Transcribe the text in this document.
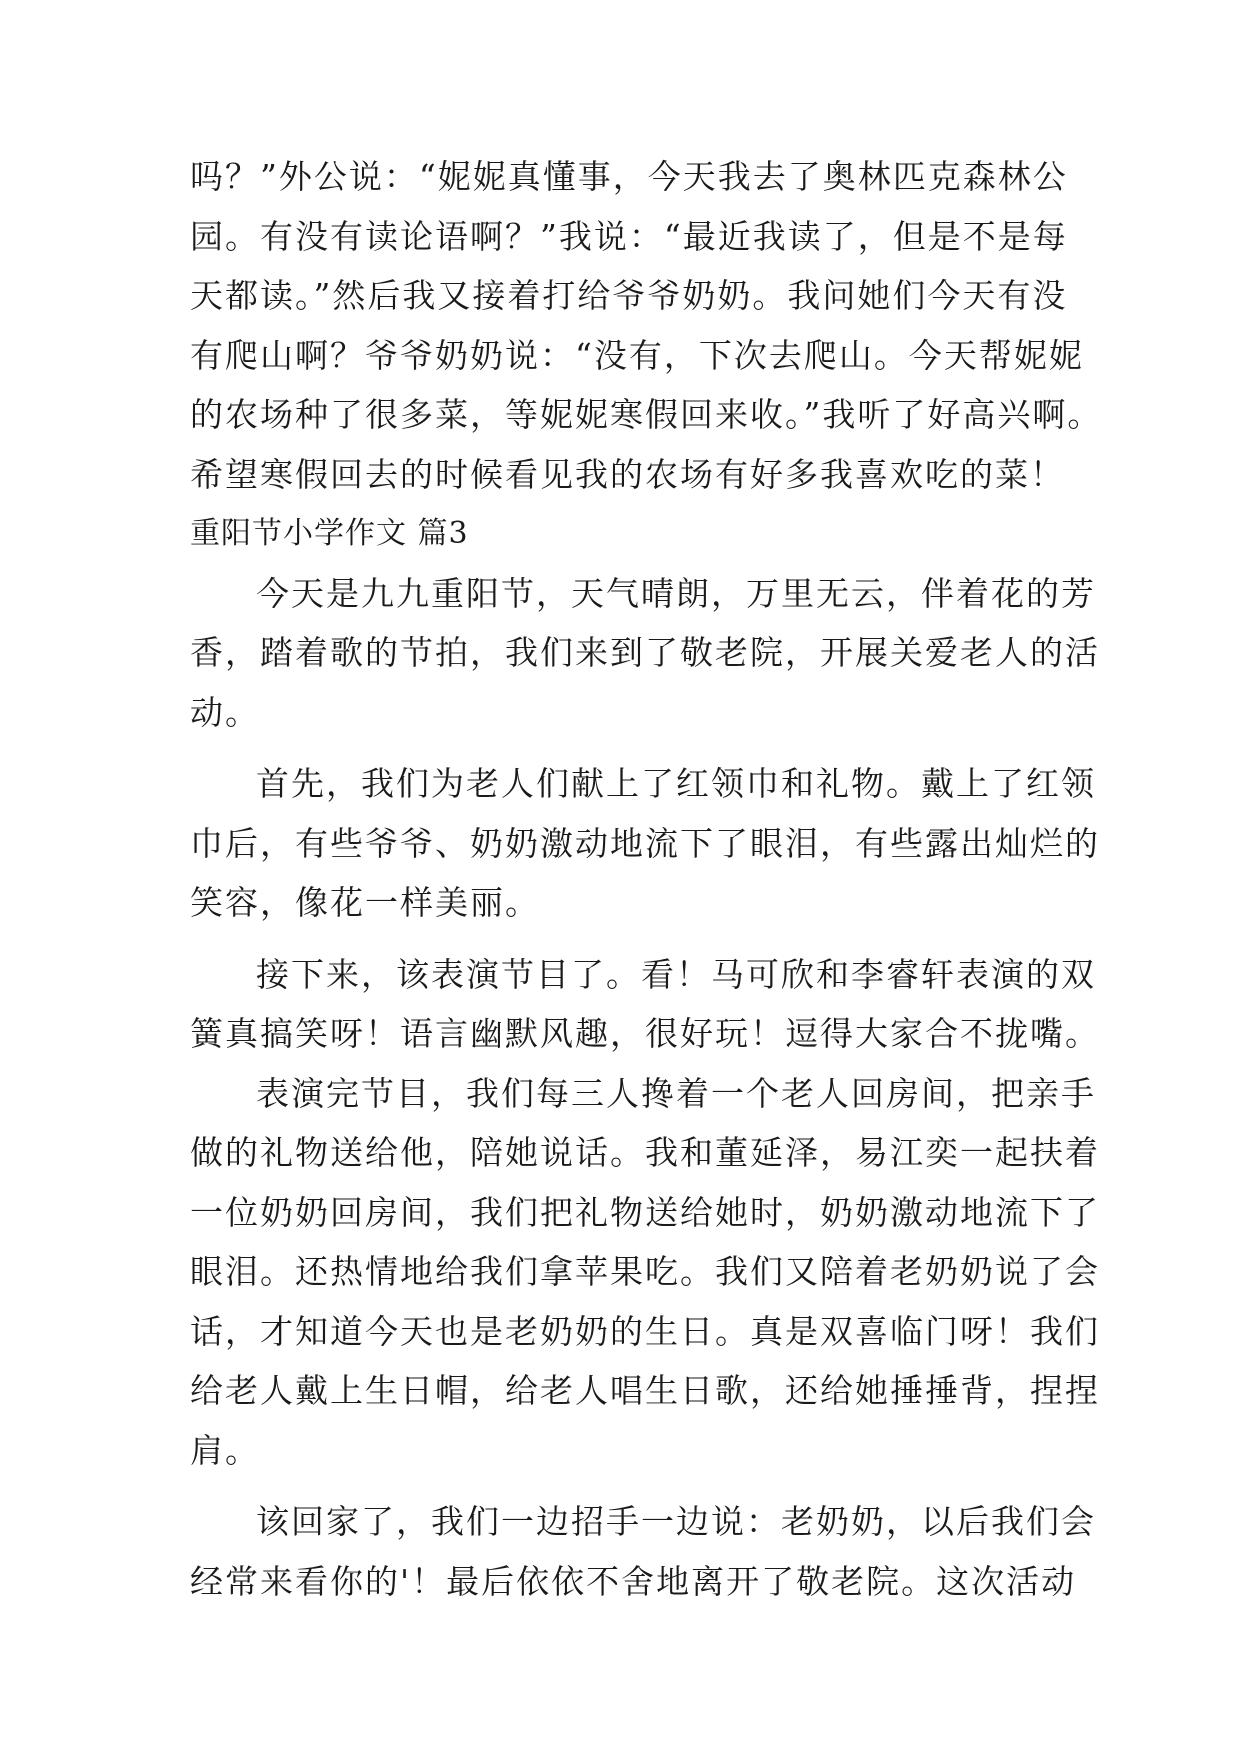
吗？”外公说：“妮妮真懂事，今天我去了奥林匹克森林公
园。有没有读论语啊？”我说：“最近我读了，但是不是每
天都读。”然后我又接着打给爷爷奶奶。我问她们今天有没
有爬山啊？爷爷奶奶说：“没有，下次去爬山。今天帮妮妮
的农场种了很多菜，等妮妮寒假回来收。”我听了好高兴啊。
希望寒假回去的时候看见我的农场有好多我喜欢吃的菜！
重阳节小学作文 篇3
今天是九九重阳节，天气晴朗，万里无云，伴着花的芳
香，踏着歌的节拍，我们来到了敬老院，开展关爱老人的活
动。
首先，我们为老人们献上了红领巾和礼物。戴上了红领
巾后，有些爷爷、奶奶激动地流下了眼泪，有些露出灿烂的
笑容，像花一样美丽。
接下来，该表演节目了。看！马可欣和李睿轩表演的双
簧真搞笑呀！语言幽默风趣，很好玩！逗得大家合不拢嘴。
表演完节目，我们每三人搀着一个老人回房间，把亲手
做的礼物送给他，陪她说话。我和董延泽，易江奕一起扶着
一位奶奶回房间，我们把礼物送给她时，奶奶激动地流下了
眼泪。还热情地给我们拿苹果吃。我们又陪着老奶奶说了会
话，才知道今天也是老奶奶的生日。真是双喜临门呀！我们
给老人戴上生日帽，给老人唱生日歌，还给她捶捶背，捏捏
肩。
该回家了，我们一边招手一边说：老奶奶，以后我们会
经常来看你的'！最后依依不舍地离开了敬老院。这次活动
